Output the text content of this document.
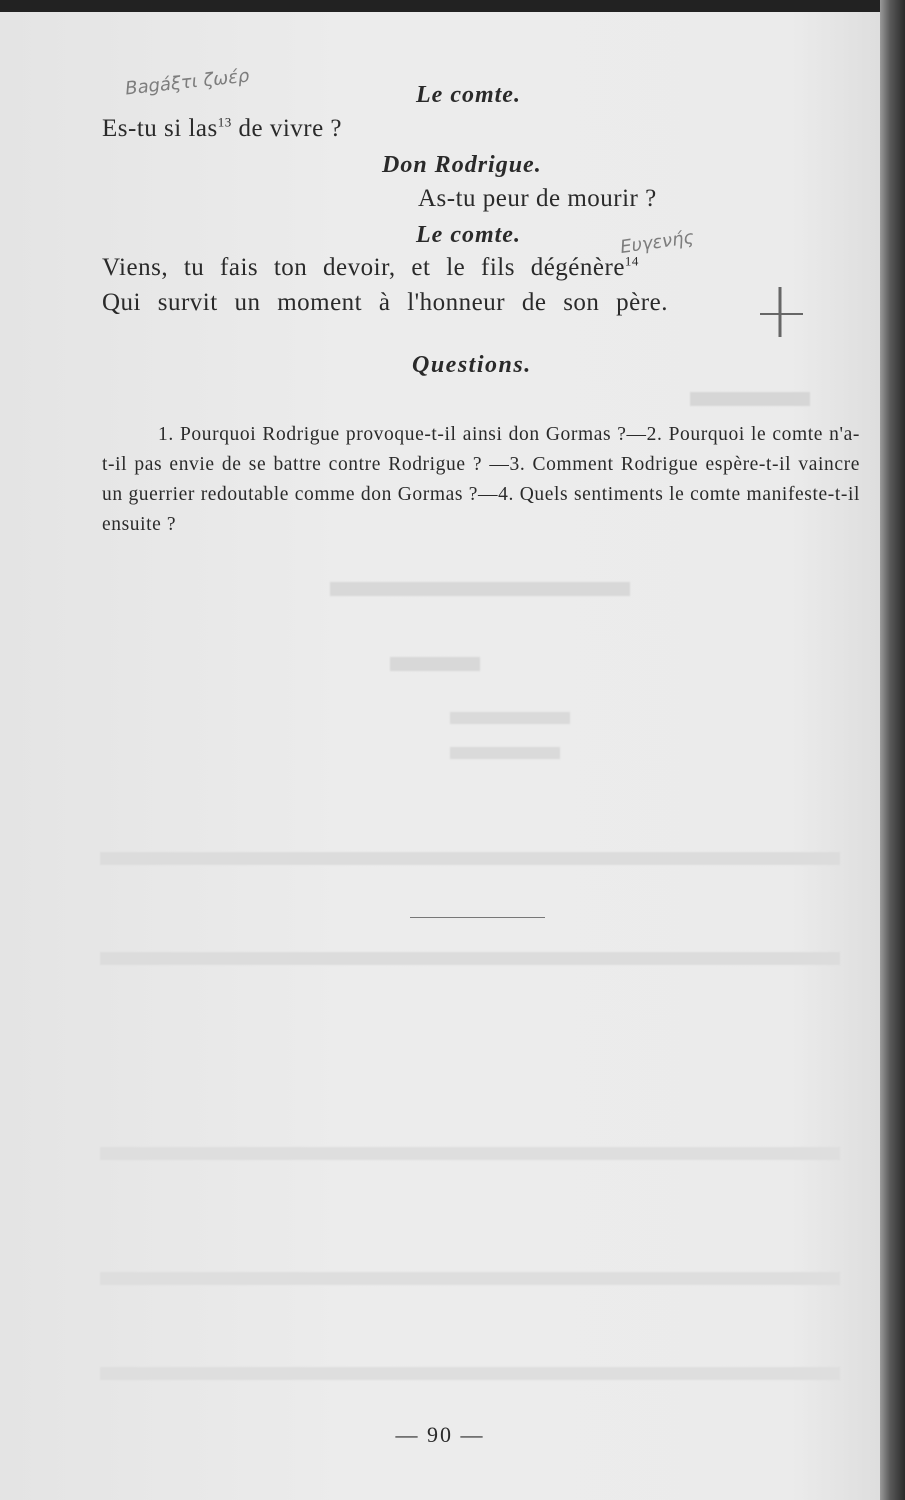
Bagáξτι ζωέρ
Ευγενής
Le comte.
Es-tu si las$^{13}$ de vivre ?
Don Rodrigue.
As-tu peur de mourir ?
Le comte.
Viens, tu fais ton devoir, et le fils dégénère$^{14}$
Qui survit un moment à l'honneur de son père.
Questions.
1. Pourquoi Rodrigue provoque-t-il ainsi don Gormas ?—2. Pourquoi le comte n'a-t-il pas envie de se battre contre Rodrigue ? —3. Comment Rodrigue espère-t-il vaincre un guerrier redoutable comme don Gormas ?—4. Quels sentiments le comte manifeste-t-il ensuite ?
— 90 —
